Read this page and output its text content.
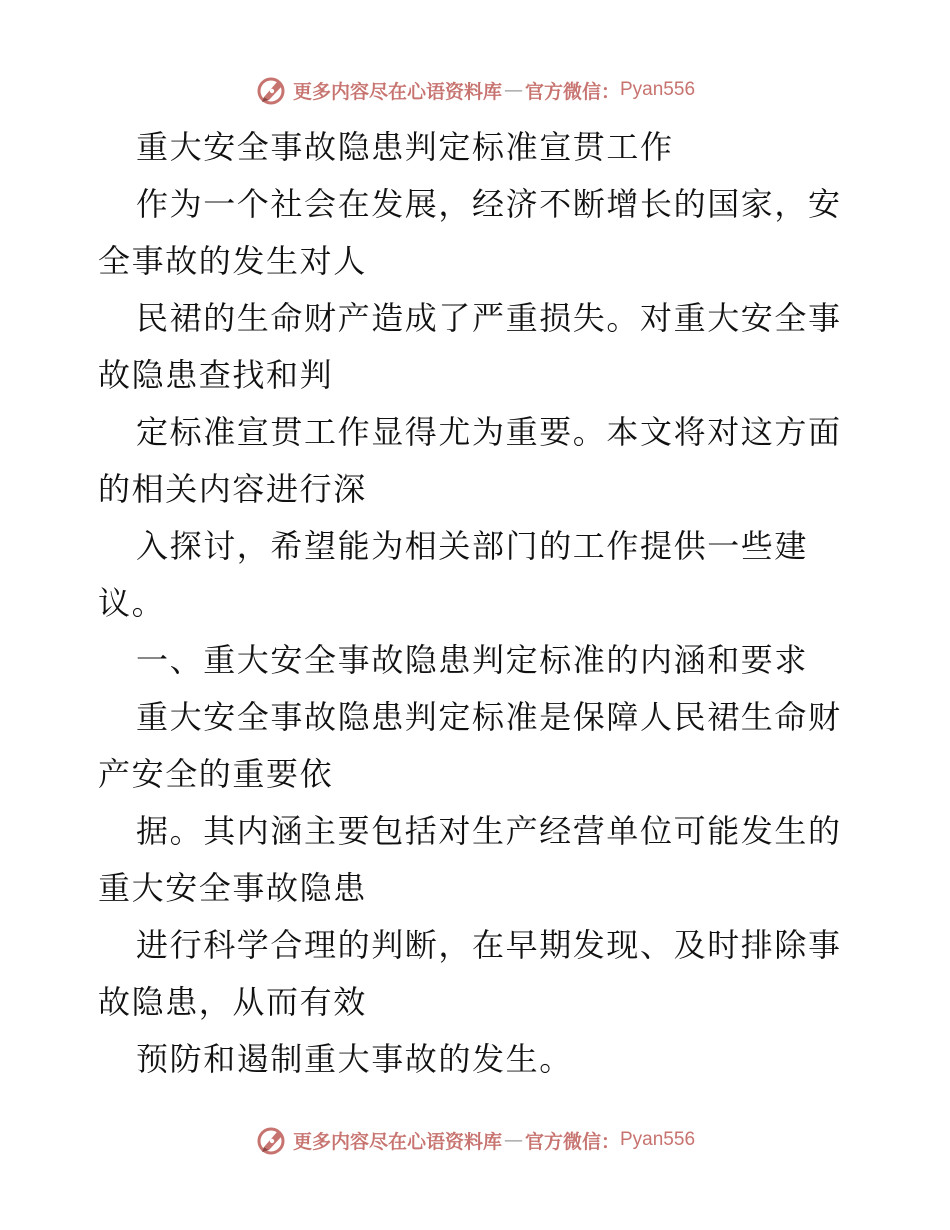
更多内容尽在心语资料库 — 官方微信： Pyan556
重大安全事故隐患判定标准宣贯工作
作为一个社会在发展，经济不断增长的国家，安
全事故的发生对人
民裙的生命财产造成了严重损失。对重大安全事
故隐患查找和判
定标准宣贯工作显得尤为重要。本文将对这方面
的相关内容进行深
入探讨，希望能为相关部门的工作提供一些建
议。
一、重大安全事故隐患判定标准的内涵和要求
重大安全事故隐患判定标准是保障人民裙生命财
产安全的重要依
据。其内涵主要包括对生产经营单位可能发生的
重大安全事故隐患
进行科学合理的判断，在早期发现、及时排除事
故隐患，从而有效
预防和遏制重大事故的发生。
更多内容尽在心语资料库 — 官方微信： Pyan556
